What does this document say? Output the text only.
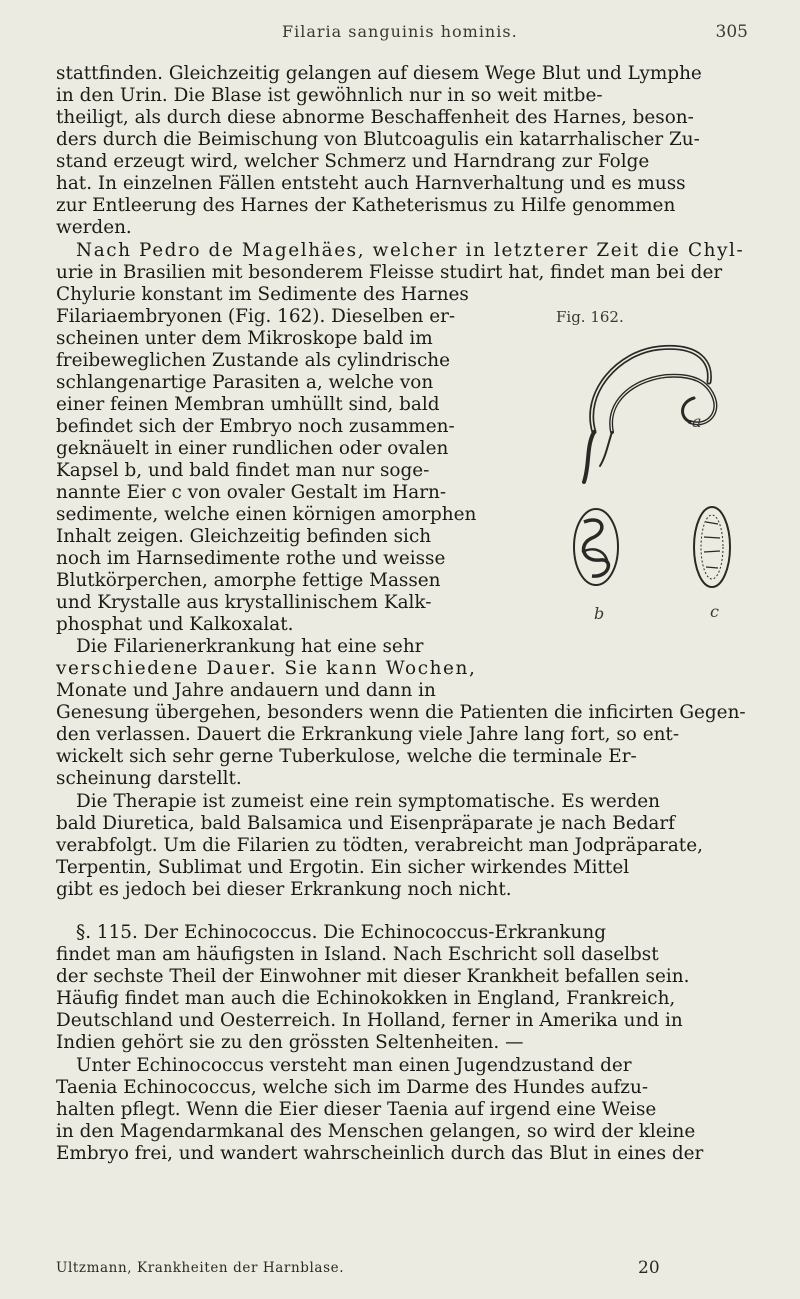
Filaria sanguinis hominis.	305
stattfinden. Gleichzeitig gelangen auf diesem Wege Blut und Lymphe
in den Urin. Die Blase ist gewöhnlich nur in so weit mitbe-
theiligt, als durch diese abnorme Beschaffenheit des Harnes, beson-
ders durch die Beimischung von Blutcoagulis ein katarrhalischer Zu-
stand erzeugt wird, welcher Schmerz und Harndrang zur Folge
hat. In einzelnen Fällen entsteht auch Harnverhaltung und es muss
zur Entleerung des Harnes der Katheterismus zu Hilfe genommen
werden.
Nach Pedro de Magelhäes, welcher in letzterer Zeit die Chyl-
urie in Brasilien mit besonderem Fleisse studirt hat, findet man bei der
Chylurie konstant im Sedimente des Harnes
Filariaembryonen (Fig. 162). Dieselben er-
scheinen unter dem Mikroskope bald im
freibeweglichen Zustande als cylindrische
schlangenartige Parasiten a, welche von
einer feinen Membran umhüllt sind, bald
befindet sich der Embryo noch zusammen-
geknäuelt in einer rundlichen oder ovalen
Kapsel b, und bald findet man nur soge-
nannte Eier c von ovaler Gestalt im Harn-
sedimente, welche einen körnigen amorphen
Inhalt zeigen. Gleichzeitig befinden sich
noch im Harnsedimente rothe und weisse
Blutkörperchen, amorphe fettige Massen
und Krystalle aus krystallinischem Kalk-
phosphat und Kalkoxalat.
Die Filarienerkrankung hat eine sehr
verschiedene Dauer. Sie kann Wochen,
Monate und Jahre andauern und dann in
Genesung übergehen, besonders wenn die Patienten die inficirten Gegen-
den verlassen. Dauert die Erkrankung viele Jahre lang fort, so ent-
wickelt sich sehr gerne Tuberkulose, welche die terminale Er-
scheinung darstellt.
Die Therapie ist zumeist eine rein symptomatische. Es werden
bald Diuretica, bald Balsamica und Eisenpräparate je nach Bedarf
verabfolgt. Um die Filarien zu tödten, verabreicht man Jodpräparate,
Terpentin, Sublimat und Ergotin. Ein sicher wirkendes Mittel
gibt es jedoch bei dieser Erkrankung noch nicht.
§. 115. Der Echinococcus. Die Echinococcus-Erkrankung
findet man am häufigsten in Island. Nach Eschricht soll daselbst
der sechste Theil der Einwohner mit dieser Krankheit befallen sein.
Häufig findet man auch die Echinokokken in England, Frankreich,
Deutschland und Oesterreich. In Holland, ferner in Amerika und in
Indien gehört sie zu den grössten Seltenheiten. —
Unter Echinococcus versteht man einen Jugendzustand der
Taenia Echinococcus, welche sich im Darme des Hundes aufzu-
halten pflegt. Wenn die Eier dieser Taenia auf irgend eine Weise
in den Magendarmkanal des Menschen gelangen, so wird der kleine
Embryo frei, und wandert wahrscheinlich durch das Blut in eines der
Fig. 162.
a
b	c
Ultzmann, Krankheiten der Harnblase.	20
